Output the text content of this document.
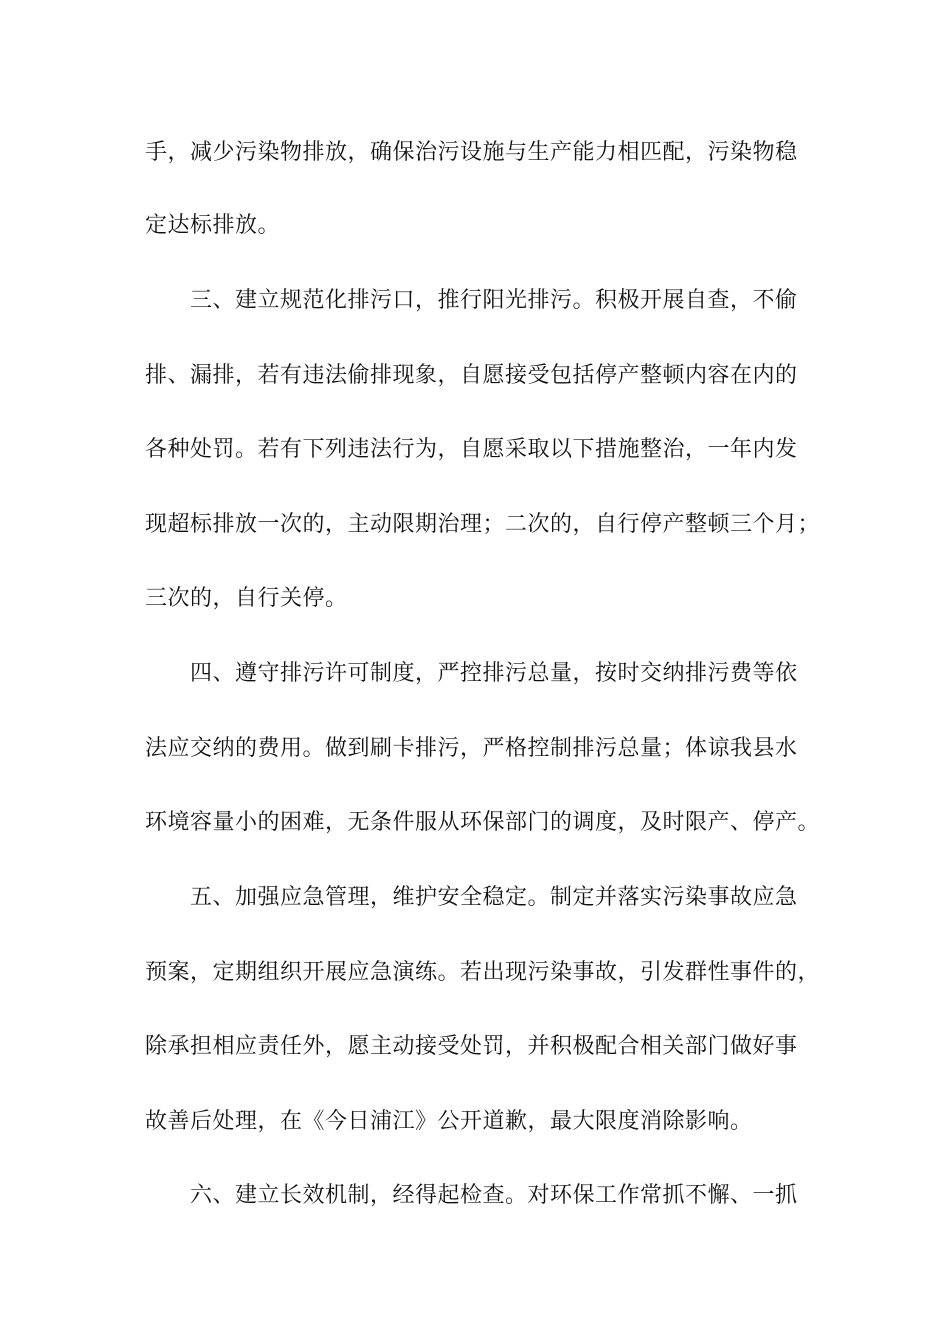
手，减少污染物排放，确保治污设施与生产能力相匹配，污染物稳
定达标排放。
三、建立规范化排污口，推行阳光排污。积极开展自查，不偷
排、漏排，若有违法偷排现象，自愿接受包括停产整顿内容在内的
各种处罚。若有下列违法行为，自愿采取以下措施整治，一年内发
现超标排放一次的，主动限期治理；二次的，自行停产整顿三个月；
三次的，自行关停。
四、遵守排污许可制度，严控排污总量，按时交纳排污费等依
法应交纳的费用。做到刷卡排污，严格控制排污总量；体谅我县水
环境容量小的困难，无条件服从环保部门的调度，及时限产、停产。
五、加强应急管理，维护安全稳定。制定并落实污染事故应急
预案，定期组织开展应急演练。若出现污染事故，引发群性事件的，
除承担相应责任外，愿主动接受处罚，并积极配合相关部门做好事
故善后处理，在《今日浦江》公开道歉，最大限度消除影响。
六、建立长效机制，经得起检查。对环保工作常抓不懈、一抓
